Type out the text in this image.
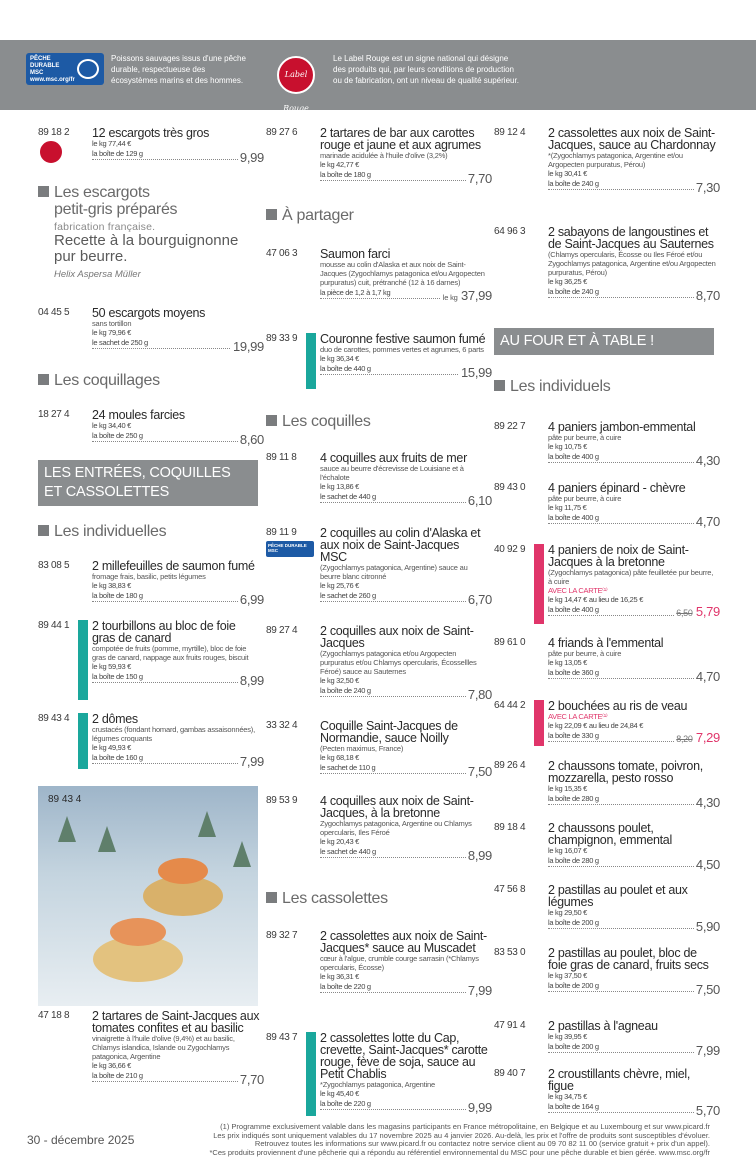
PÊCHE DURABLE MSC www.msc.org/fr
Poissons sauvages issus d'une pêche durable, respectueuse des écosystèmes marins et des hommes.
Label Rouge
Le Label Rouge est un signe national qui désigne des produits qui, par leurs conditions de production ou de fabrication, ont un niveau de qualité supérieur.
89 18 2 12 escargots très gros
le kg 77,44 €
la boîte de 129 g	9,99
Les escargots
petit-gris préparés
fabrication française.
Recette à la bourguignonne
pur beurre.
Helix Aspersa Müller
04 45 5 50 escargots moyens
sans tortillon
le kg 79,96 €
le sachet de 250 g	19,99
Les coquillages
18 27 4 24 moules farcies
le kg 34,40 €
la boîte de 250 g	8,60
LES ENTRÉES, COQUILLES ET CASSOLETTES
Les individuelles
83 08 5 2 millefeuilles de saumon fumé
fromage frais, basilic, petits légumes
le kg 38,83 €
la boîte de 180 g	6,99
89 44 1 2 tourbillons au bloc de foie gras de canard
compotée de fruits (pomme, myrtille), bloc de foie gras de canard, nappage aux fruits rouges, biscuit
le kg 59,93 €
la boîte de 150 g	8,99
89 43 4 2 dômes
crustacés (fondant homard, gambas assaisonnées), légumes croquants
le kg 49,93 €
la boîte de 160 g	7,99
89 43 4
47 18 8 2 tartares de Saint-Jacques aux tomates confites et au basilic
vinaigrette à l'huile d'olive (9,4%) et au basilic, Chlamys islandica, Islande ou Zygochlamys patagonica, Argentine
le kg 36,66 €
la boîte de 210 g	7,70
89 27 6 2 tartares de bar aux carottes rouge et jaune et aux agrumes
marinade acidulée à l'huile d'olive (3,2%)
le kg 42,77 €
la boîte de 180 g	7,70
À partager
47 06 3 Saumon farci
mousse au colin d'Alaska et aux noix de Saint-Jacques (Zygochlamys patagonica et/ou Argopecten purpuratus) cuit, prétranché (12 à 16 darnes)
la pièce de 1,2 à 1,7 kg
le kg 37,99
89 33 9 Couronne festive saumon fumé
duo de carottes, pommes vertes et agrumes, 6 parts
le kg 36,34 €
la boîte de 440 g	15,99
Les coquilles
89 11 8 4 coquilles aux fruits de mer
sauce au beurre d'écrevisse de Louisiane et à l'échalote
le kg 13,86 €
le sachet de 440 g	6,10
89 11 9
PÊCHE DURABLE MSC
2 coquilles au colin d'Alaska et aux noix de Saint-Jacques MSC
(Zygochlamys patagonica, Argentine) sauce au beurre blanc citronné
le kg 25,76 €
le sachet de 260 g	6,70
89 27 4 2 coquilles aux noix de Saint-Jacques
(Zygochlamys patagonica et/ou Argopecten purpuratus et/ou Chlamys opercularis, Écossellles Féroé) sauce au Sauternes
le kg 32,50 €
la boîte de 240 g	7,80
33 32 4 Coquille Saint-Jacques de Normandie, sauce Noilly
(Pecten maximus, France)
le kg 68,18 €
le sachet de 110 g	7,50
89 53 9 4 coquilles aux noix de Saint-Jacques, à la bretonne
Zygochlamys patagonica, Argentine ou Chlamys opercularis, Iles Féroé
le kg 20,43 €
le sachet de 440 g	8,99
Les cassolettes
89 32 7 2 cassolettes aux noix de Saint-Jacques* sauce au Muscadet
cœur à l'algue, crumble courge sarrasin (*Chlamys opercularis, Écosse)
le kg 36,31 €
la boîte de 220 g	7,99
89 43 7 2 cassolettes lotte du Cap, crevette, Saint-Jacques* carotte rouge, fève de soja, sauce au Petit Chablis
*Zygochlamys patagonica, Argentine
le kg 45,40 €
la boîte de 220 g	9,99
89 12 4 2 cassolettes aux noix de Saint-Jacques, sauce au Chardonnay
*(Zygochlamys patagonica, Argentine et/ou Argopecten purpuratus, Pérou)
le kg 30,41 €
la boîte de 240 g	7,30
64 96 3 2 sabayons de langoustines et de Saint-Jacques au Sauternes
(Chlamys opercularis, Écosse ou Iles Féroé et/ou Zygochlamys patagonica, Argentine et/ou Argopecten purpuratus, Pérou)
le kg 36,25 €
la boîte de 240 g	8,70
AU FOUR ET À TABLE !
Les individuels
89 22 7 4 paniers jambon-emmental
pâte pur beurre, à cuire
le kg 10,75 €
la boîte de 400 g	4,30
89 43 0 4 paniers épinard - chèvre
pâte pur beurre, à cuire
le kg 11,75 €
la boîte de 400 g	4,70
40 92 9 4 paniers de noix de Saint-Jacques à la bretonne
(Zygochlamys patagonica) pâte feuilletée pur beurre, à cuire
AVEC LA CARTE⁽¹⁾
le kg 14,47 € au lieu de 16,25 €
la boîte de 400 g	6,50 5,79
89 61 0 4 friands à l'emmental
pâte pur beurre, à cuire
le kg 13,05 €
la boîte de 360 g	4,70
64 44 2 2 bouchées au ris de veau
AVEC LA CARTE⁽¹⁾
le kg 22,09 € au lieu de 24,84 €
la boîte de 330 g	8,20 7,29
89 26 4 2 chaussons tomate, poivron, mozzarella, pesto rosso
le kg 15,35 €
la boîte de 280 g	4,30
89 18 4 2 chaussons poulet, champignon, emmental
le kg 16,07 €
la boîte de 280 g	4,50
47 56 8 2 pastillas au poulet et aux légumes
le kg 29,50 €
la boîte de 200 g	5,90
83 53 0 2 pastillas au poulet, bloc de foie gras de canard, fruits secs
le kg 37,50 €
la boîte de 200 g	7,50
47 91 4 2 pastillas à l'agneau
le kg 39,95 €
la boîte de 200 g	7,99
89 40 7 2 croustillants chèvre, miel, figue
le kg 34,75 €
la boîte de 164 g	5,70
30 - décembre 2025
(1) Programme exclusivement valable dans les magasins participants en France métropolitaine, en Belgique et au Luxembourg et sur www.picard.fr
Les prix indiqués sont uniquement valables du 17 novembre 2025 au 4 janvier 2026. Au-delà, les prix et l'offre de produits sont susceptibles d'évoluer.
Retrouvez toutes les informations sur www.picard.fr ou contactez notre service client au 09 70 82 11 00 (service gratuit + prix d'un appel).
*Ces produits proviennent d'une pêcherie qui a répondu au référentiel environnemental du MSC pour une pêche durable et bien gérée. www.msc.org/fr
